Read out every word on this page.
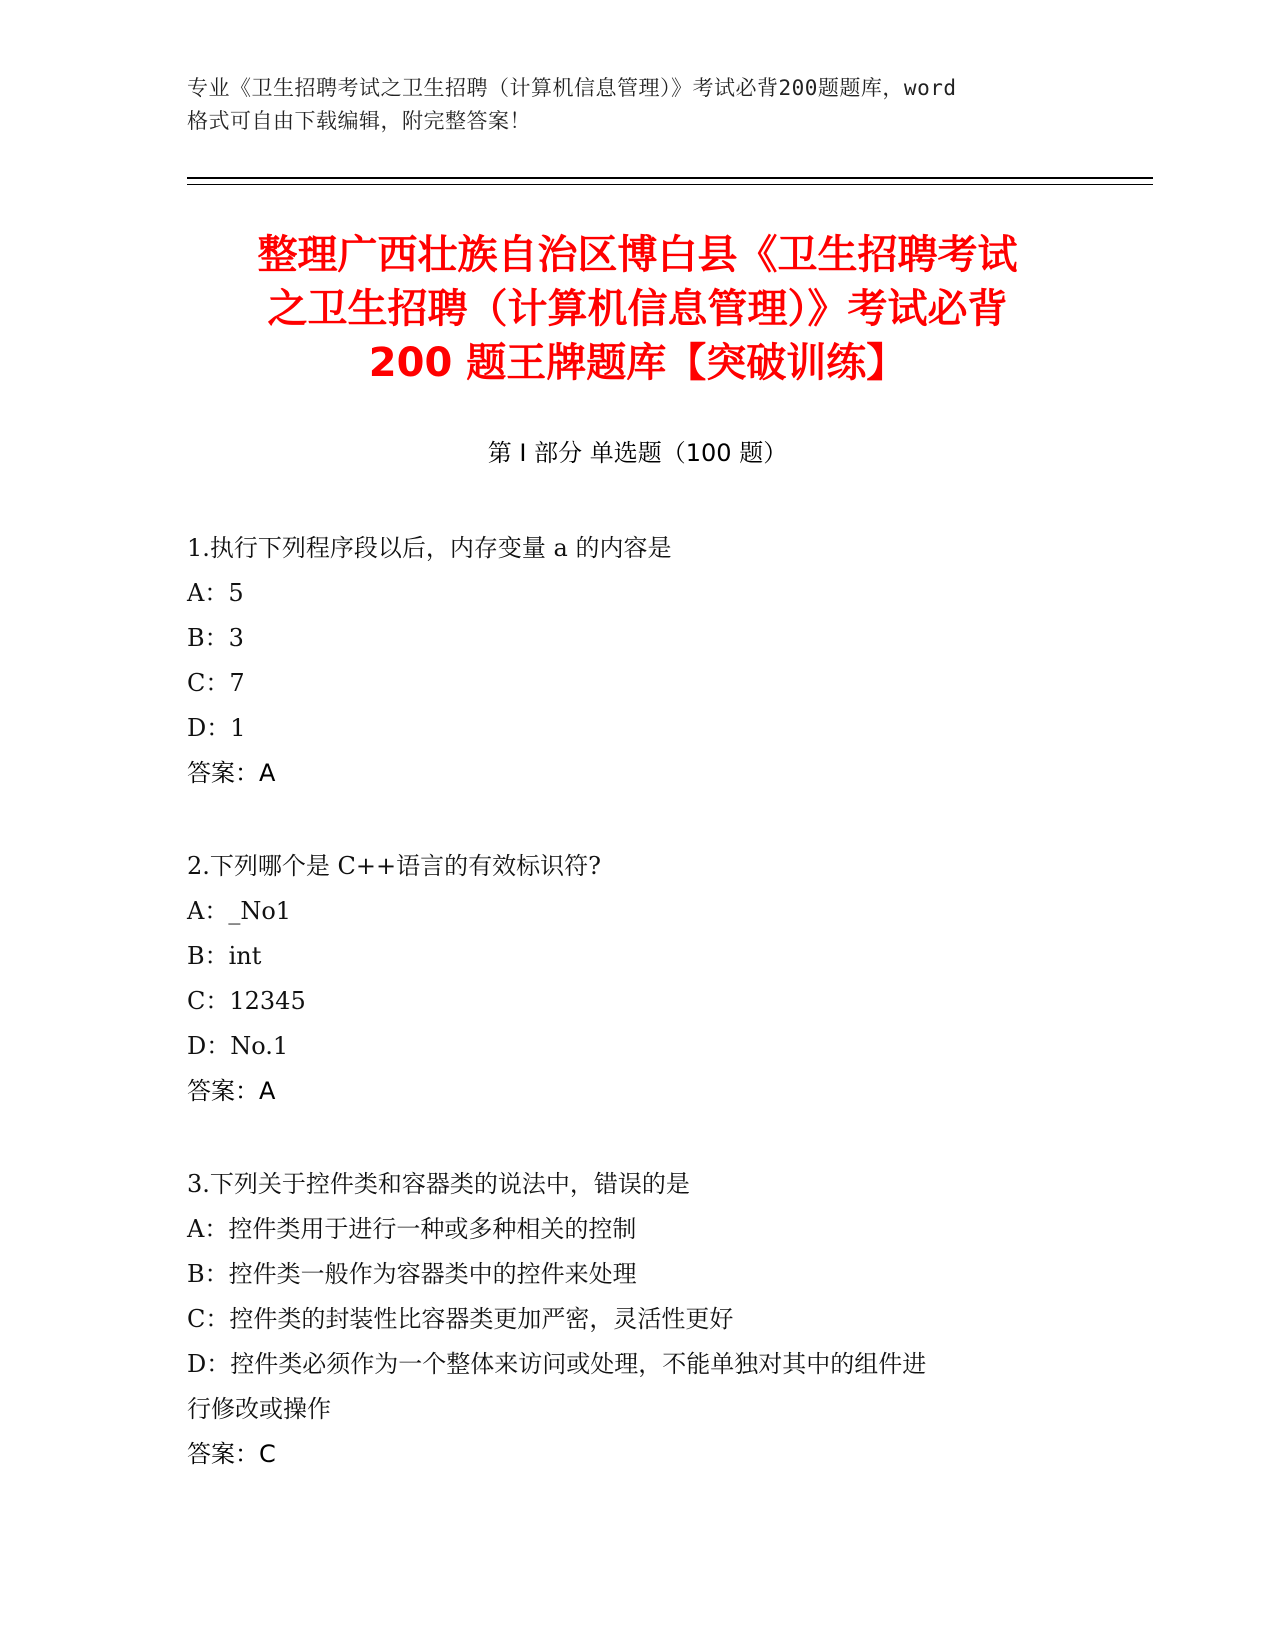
专业《卫生招聘考试之卫生招聘（计算机信息管理）》考试必背200题题库，word
格式可自由下载编辑，附完整答案！
整理广西壮族自治区博白县《卫生招聘考试
之卫生招聘（计算机信息管理）》考试必背
200 题王牌题库【突破训练】
第 I 部分 单选题（100 题）
1.执行下列程序段以后，内存变量 a 的内容是
A：5
B：3
C：7
D：1
答案：A
2.下列哪个是 C++语言的有效标识符?
A：_No1
B：int
C：12345
D：No.1
答案：A
3.下列关于控件类和容器类的说法中，错误的是
A：控件类用于进行一种或多种相关的控制
B：控件类一般作为容器类中的控件来处理
C：控件类的封装性比容器类更加严密，灵活性更好
D：控件类必须作为一个整体来访问或处理，不能单独对其中的组件进
行修改或操作
答案：C
